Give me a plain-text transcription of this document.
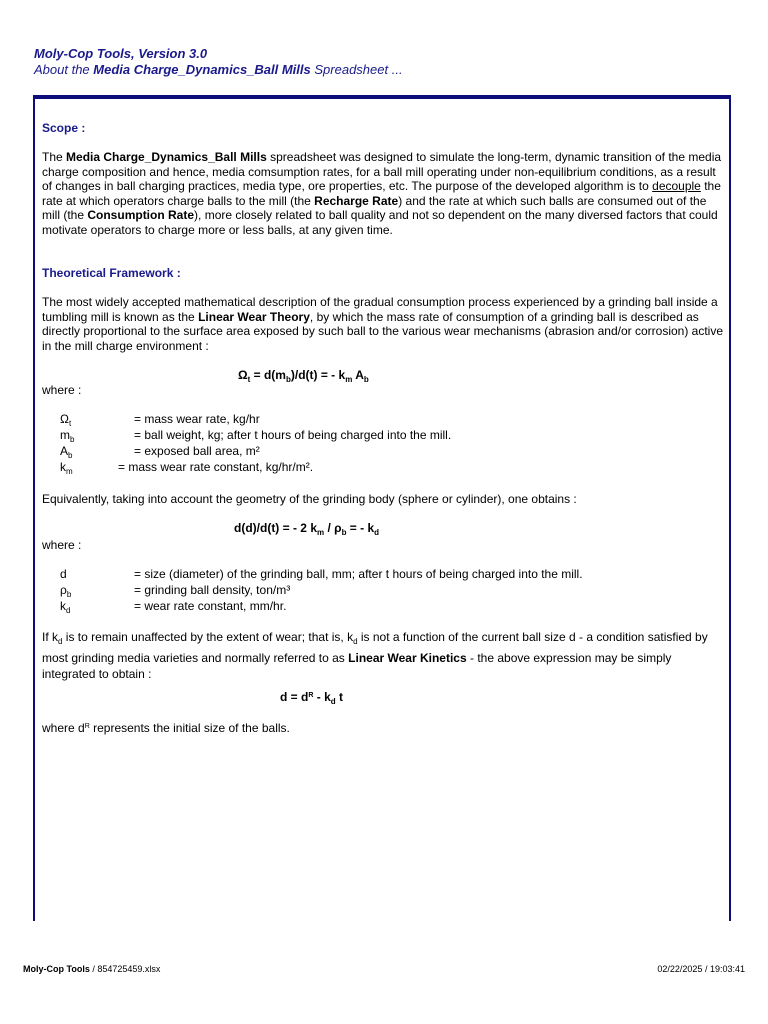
Moly-Cop Tools, Version 3.0
About the Media Charge_Dynamics_Ball Mills Spreadsheet ...
Scope :
The Media Charge_Dynamics_Ball Mills spreadsheet was designed to simulate the long-term, dynamic transition of the media charge composition and hence, media comsumption rates, for a ball mill operating under non-equilibrium conditions, as a result of changes in ball charging practices, media type, ore properties, etc. The purpose of the developed algorithm is to decouple the rate at which operators charge balls to the mill (the Recharge Rate) and the rate at which such balls are consumed out of the mill (the Consumption Rate), more closely related to ball quality and not so dependent on the many diversed factors that could motivate operators to charge more or less balls, at any given time.
Theoretical Framework :
The most widely accepted mathematical description of the gradual consumption process experienced by a grinding ball inside a tumbling mill is known as the Linear Wear Theory, by which the mass rate of consumption of a grinding ball is described as directly proportional to the surface area exposed by such ball to the various wear mechanisms (abrasion and/or corrosion) active in the mill charge environment :
$\Omega_t = d(m_b)/d(t)$ = - $k_m$ $A_b$
where :
$\Omega_t$	= mass wear rate, kg/hr
$m_b$	= ball weight, kg; after t hours of being charged into the mill.
$A_b$	= exposed ball area, m²
$k_m$	= mass wear rate constant, kg/hr/m².
Equivalently, taking into account the geometry of the grinding body (sphere or cylinder), one obtains :
d(d)/d(t) = - 2 $k_m / \rho_b$ = - $k_d$
where :
d	= size (diameter) of the grinding ball, mm; after t hours of being charged into the mill.
$\rho_b$	= grinding ball density, ton/m³
$k_d$	= wear rate constant, mm/hr.
If $k_d$ is to remain unaffected by the extent of wear; that is, $k_d$ is not a function of the current ball size d - a condition satisfied by most grinding media varieties and normally referred to as Linear Wear Kinetics - the above expression may be simply integrated to obtain :
$d = d^R - k_d$ t
where $d^R$ represents the initial size of the balls.
Moly-Cop Tools / 854725459.xlsx	02/22/2025 / 19:03:41
